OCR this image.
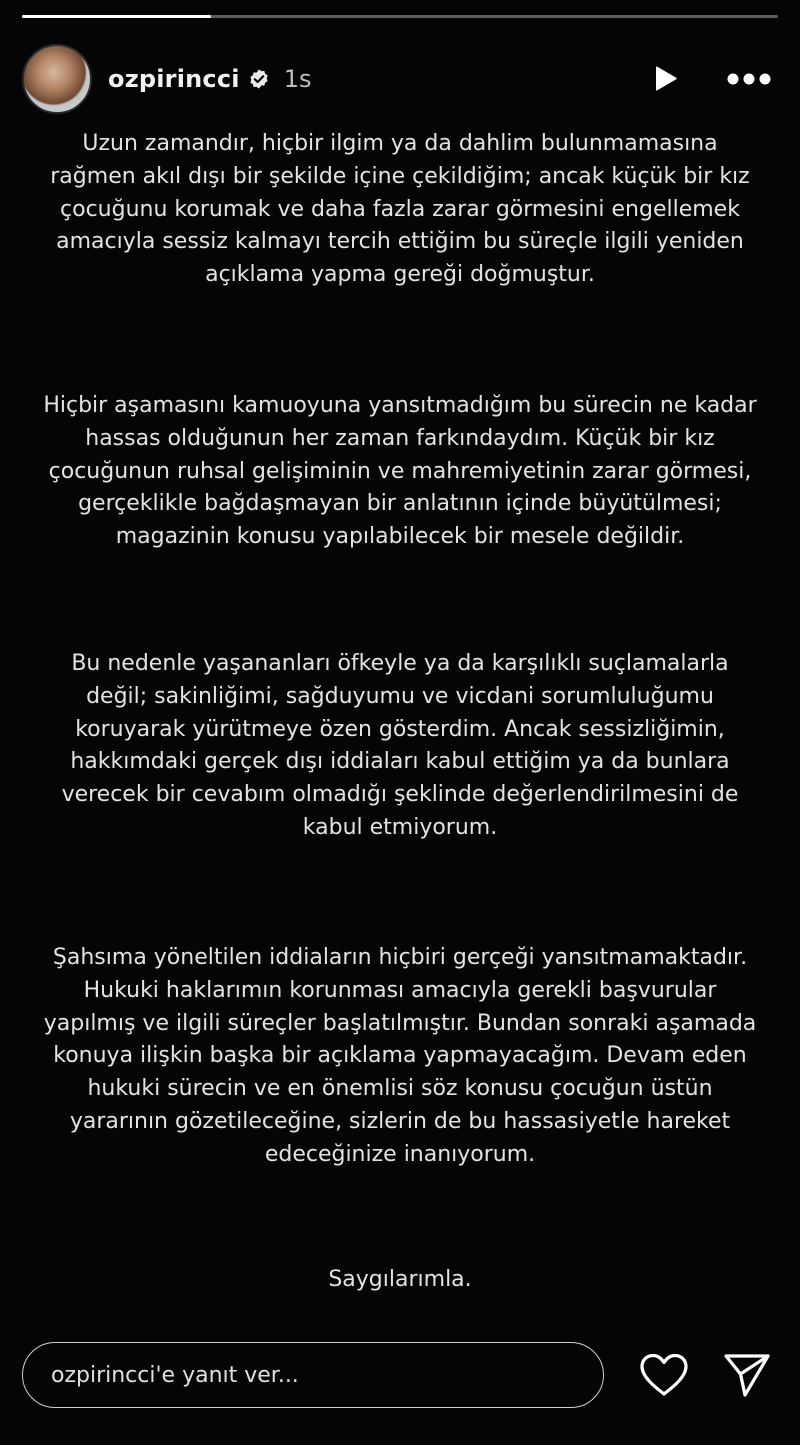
ozpirincci 1s

Uzun zamandır, hiçbir ilgim ya da dahlim bulunmamasına rağmen akıl dışı bir şekilde içine çekildiğim; ancak küçük bir kız çocuğunu korumak ve daha fazla zarar görmesini engellemek amacıyla sessiz kalmayı tercih ettiğim bu süreçle ilgili yeniden açıklama yapma gereği doğmuştur.

Hiçbir aşamasını kamuoyuna yansıtmadığım bu sürecin ne kadar hassas olduğunun her zaman farkındaydım. Küçük bir kız çocuğunun ruhsal gelişiminin ve mahremiyetinin zarar görmesi, gerçeklikle bağdaşmayan bir anlatının içinde büyütülmesi; magazinin konusu yapılabilecek bir mesele değildir.

Bu nedenle yaşananları öfkeyle ya da karşılıklı suçlamalarla değil; sakinliğimi, sağduyumu ve vicdani sorumluluğumu koruyarak yürütmeye özen gösterdim. Ancak sessizliğimin, hakkımdaki gerçek dışı iddiaları kabul ettiğim ya da bunlara verecek bir cevabım olmadığı şeklinde değerlendirilmesini de kabul etmiyorum.

Şahsıma yöneltilen iddiaların hiçbiri gerçeği yansıtmamaktadır. Hukuki haklarımın korunması amacıyla gerekli başvurular yapılmış ve ilgili süreçler başlatılmıştır. Bundan sonraki aşamada konuya ilişkin başka bir açıklama yapmayacağım. Devam eden hukuki sürecin ve en önemlisi söz konusu çocuğun üstün yararının gözetileceğine, sizlerin de bu hassasiyetle hareket edeceğinize inanıyorum.

Saygılarımla.

ozpirincci'e yanıt ver...
